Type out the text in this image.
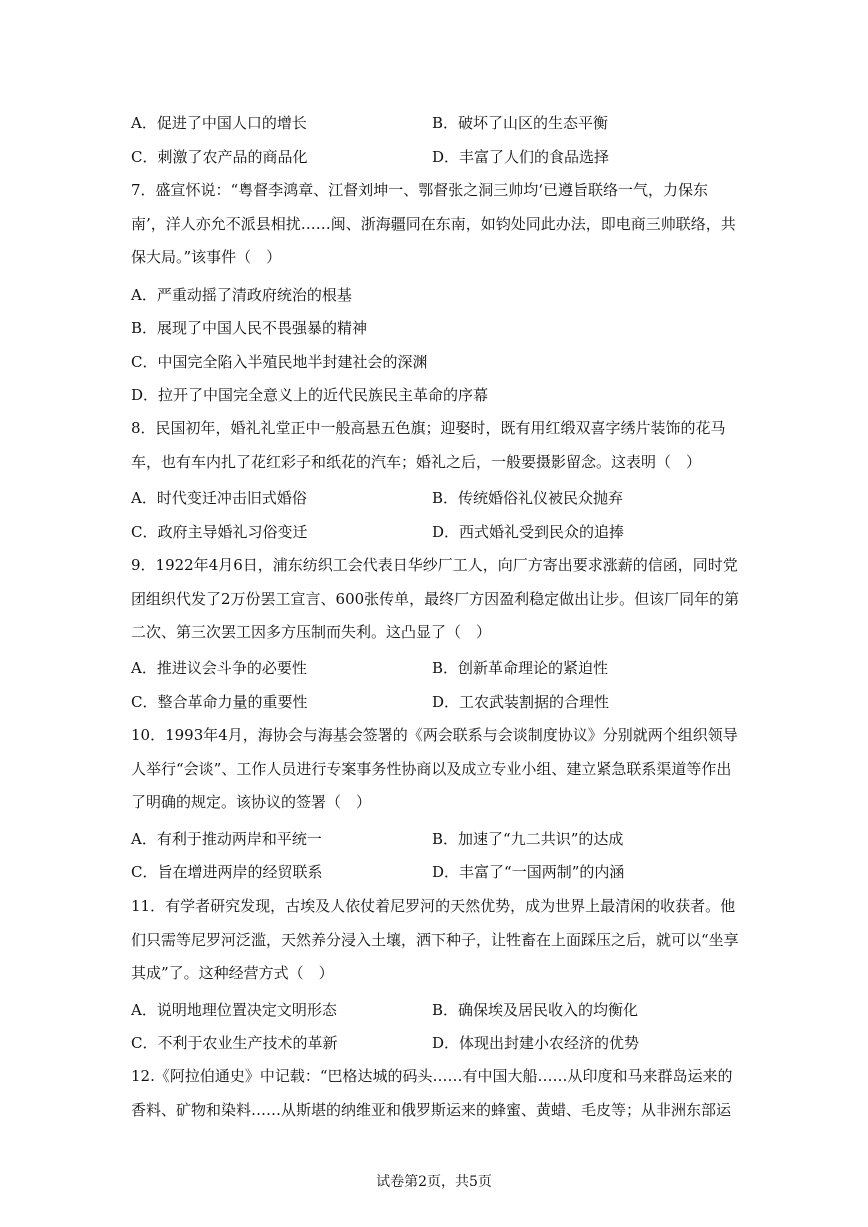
A．促进了中国人口的增长	B．破坏了山区的生态平衡
C．刺激了农产品的商品化	D．丰富了人们的食品选择
7．盛宣怀说：“粤督李鸿章、江督刘坤一、鄂督张之洞三帅均‘已遵旨联络一气，力保东南’，洋人亦允不派县相扰……闽、浙海疆同在东南，如钧处同此办法，即电商三帅联络，共保大局。”该事件（　）
A．严重动摇了清政府统治的根基
B．展现了中国人民不畏强暴的精神
C．中国完全陷入半殖民地半封建社会的深渊
D．拉开了中国完全意义上的近代民族民主革命的序幕
8．民国初年，婚礼礼堂正中一般高悬五色旗；迎娶时，既有用红缎双喜字绣片装饰的花马车，也有车内扎了花红彩子和纸花的汽车；婚礼之后，一般要摄影留念。这表明（　）
A．时代变迁冲击旧式婚俗	B．传统婚俗礼仪被民众抛弃
C．政府主导婚礼习俗变迁	D．西式婚礼受到民众的追捧
9．1922年4月6日，浦东纺织工会代表日华纱厂工人，向厂方寄出要求涨薪的信函，同时党团组织代发了2万份罢工宣言、600张传单，最终厂方因盈利稳定做出让步。但该厂同年的第二次、第三次罢工因多方压制而失利。这凸显了（　）
A．推进议会斗争的必要性	B．创新革命理论的紧迫性
C．整合革命力量的重要性	D．工农武装割据的合理性
10．1993年4月，海协会与海基会签署的《两会联系与会谈制度协议》分别就两个组织领导人举行“会谈”、工作人员进行专案事务性协商以及成立专业小组、建立紧急联系渠道等作出了明确的规定。该协议的签署（　）
A．有利于推动两岸和平统一	B．加速了“九二共识”的达成
C．旨在增进两岸的经贸联系	D．丰富了“一国两制”的内涵
11．有学者研究发现，古埃及人依仗着尼罗河的天然优势，成为世界上最清闲的收获者。他们只需等尼罗河泛滥，天然养分浸入土壤，洒下种子，让牲畜在上面踩压之后，就可以“坐享其成”了。这种经营方式（　）
A．说明地理位置决定文明形态	B．确保埃及居民收入的均衡化
C．不利于农业生产技术的革新	D．体现出封建小农经济的优势
12.《阿拉伯通史》中记载：“巴格达城的码头……有中国大船……从印度和马来群岛运来的香料、矿物和染料……从斯堪的纳维亚和俄罗斯运来的蜂蜜、黄蜡、毛皮等；从非洲东部运
试卷第2页，共5页
